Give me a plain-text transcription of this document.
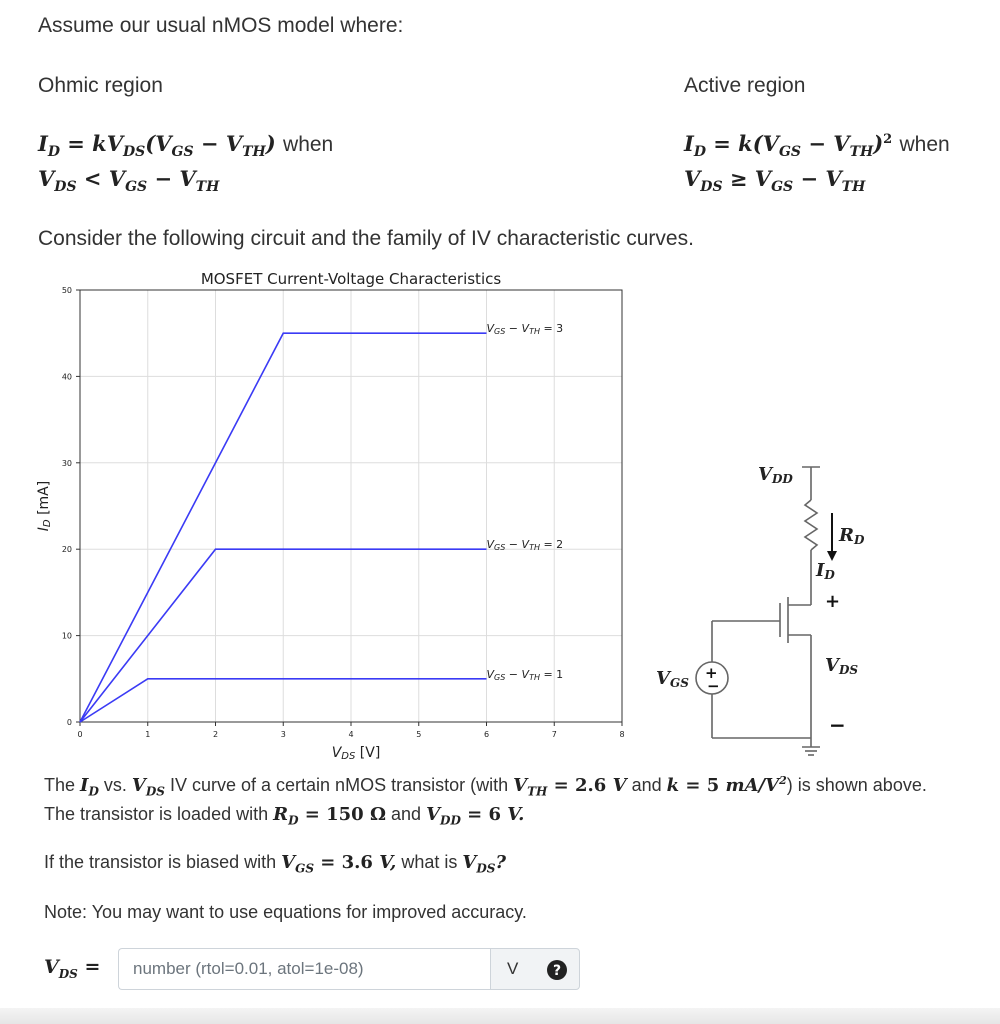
Assume our usual nMOS model where:
Ohmic region
$I_D = kV_{DS}(V_{GS} - V_{TH})$ when
$V_{DS} < V_{GS} - V_{TH}$
Active region
$I_D = k(V_{GS} - V_{TH})^2$ when
$V_{DS} \ge V_{GS} - V_{TH}$
Consider the following circuit and the family of IV characteristic curves.
0	1	2	3	4	5	6	7	8
0
10
20
30
40
50
VGS − VTH = 1
VGS − VTH = 2
VGS − VTH = 3
MOSFET Current-Voltage Characteristics
VDS [V]
ID [mA]
VDD
RD
ID
+
VDS
−
VGS
+
−
The $I_D$ vs. $V_{DS}$ IV curve of a certain nMOS transistor (with $V_{TH} = 2.6$ V and k = 5 $mA/V^2$) is shown above.
The transistor is loaded with $R_D = 150$ Ω and $V_{DD} = 6$ V.
If the transistor is biased with $V_{GS} = 3.6$ V, what is $V_{DS}$?
Note: You may want to use equations for improved accuracy.
$V_{DS}$ =
number (rtol=0.01, atol=1e-08)	V ?
